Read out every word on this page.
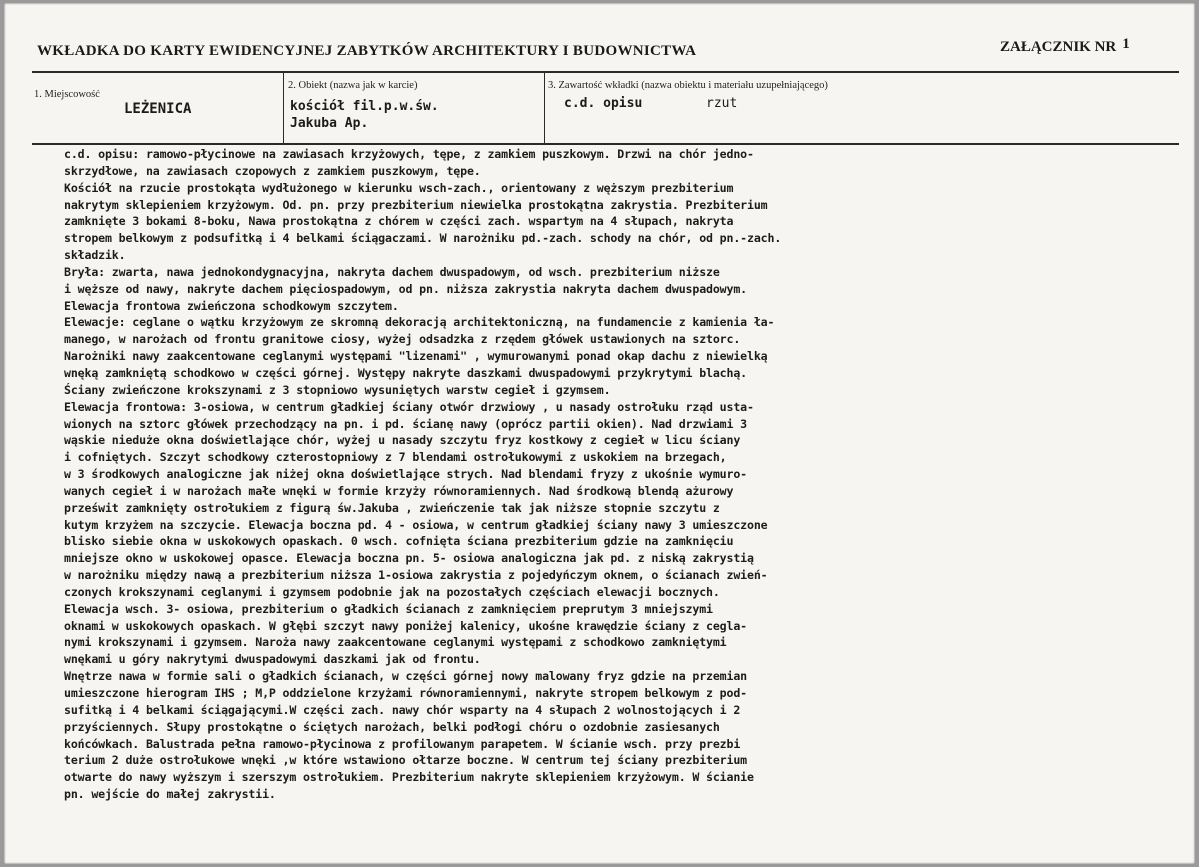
WKŁADKA DO KARTY EWIDENCYJNEJ ZABYTKÓW ARCHITEKTURY I BUDOWNICTWA	ZAŁĄCZNIK NR 1
1. Miejscowość
LEŻENICA
2. Obiekt (nazwa jak w karcie)
kościół fil.p.w.św.
Jakuba Ap.
3. Zawartość wkładki (nazwa obiektu i materiału uzupełniającego)
c.d. opisu	rzut
c.d. opisu: ramowo-płycinowe na zawiasach krzyżowych, tępe, z zamkiem puszkowym. Drzwi na chór jedno-
skrzydłowe, na zawiasach czopowych z zamkiem puszkowym, tępe.
Kościół na rzucie prostokąta wydłużonego w kierunku wsch-zach., orientowany z węższym prezbiterium
nakrytym sklepieniem krzyżowym. Od. pn. przy prezbiterium niewielka prostokątna zakrystia. Prezbiterium
zamknięte 3 bokami 8-boku, Nawa prostokątna z chórem w części zach. wspartym na 4 słupach, nakryta
stropem belkowym z podsufitką i 4 belkami ściągaczami. W narożniku pd.-zach. schody na chór, od pn.-zach.
składzik.
Bryła: zwarta, nawa jednokondygnacyjna, nakryta dachem dwuspadowym, od wsch. prezbiterium niższe
i węższe od nawy, nakryte dachem pięciospadowym, od pn. niższa zakrystia nakryta dachem dwuspadowym.
Elewacja frontowa zwieńczona schodkowym szczytem.
Elewacje: ceglane o wątku krzyżowym ze skromną dekoracją architektoniczną, na fundamencie z kamienia ła-
manego, w narożach od frontu granitowe ciosy, wyżej odsadzka z rzędem główek ustawionych na sztorc.
Narożniki nawy zaakcentowane ceglanymi występami "lizenami" , wymurowanymi ponad okap dachu z niewielką
wnęką zamkniętą schodkowo w części górnej. Występy nakryte daszkami dwuspadowymi przykrytymi blachą.
Ściany zwieńczone krokszynami z 3 stopniowo wysuniętych warstw cegieł i gzymsem.
Elewacja frontowa: 3-osiowa, w centrum gładkiej ściany otwór drzwiowy , u nasady ostrołuku rząd usta-
wionych na sztorc główek przechodzący na pn. i pd. ścianę nawy (oprócz partii okien). Nad drzwiami 3
wąskie nieduże okna doświetlające chór, wyżej u nasady szczytu fryz kostkowy z cegieł w licu ściany
i cofniętych. Szczyt schodkowy czterostopniowy z 7 blendami ostrołukowymi z uskokiem na brzegach,
w 3 środkowych analogiczne jak niżej okna doświetlające strych. Nad blendami fryzy z ukośnie wymuro-
wanych cegieł i w narożach małe wnęki w formie krzyży równoramiennych. Nad środkową blendą ażurowy
prześwit zamknięty ostrołukiem z figurą św.Jakuba , zwieńczenie tak jak niższe stopnie szczytu z
kutym krzyżem na szczycie. Elewacja boczna pd. 4 - osiowa, w centrum gładkiej ściany nawy 3 umieszczone
blisko siebie okna w uskokowych opaskach. 0 wsch. cofnięta ściana prezbiterium gdzie na zamknięciu
mniejsze okno w uskokowej opasce. Elewacja boczna pn. 5- osiowa analogiczna jak pd. z niską zakrystią
w narożniku między nawą a prezbiterium niższa 1-osiowa zakrystia z pojedyńczym oknem, o ścianach zwień-
czonych krokszynami ceglanymi i gzymsem podobnie jak na pozostałych częściach elewacji bocznych.
Elewacja wsch. 3- osiowa, prezbiterium o gładkich ścianach z zamknięciem preprutym 3 mniejszymi
oknami w uskokowych opaskach. W głębi szczyt nawy poniżej kalenicy, ukośne krawędzie ściany z cegla-
nymi krokszynami i gzymsem. Naroża nawy zaakcentowane ceglanymi występami z schodkowo zamkniętymi
wnękami u góry nakrytymi dwuspadowymi daszkami jak od frontu.
Wnętrze nawa w formie sali o gładkich ścianach, w części górnej nowy malowany fryz gdzie na przemian
umieszczone hierogram IHS ; M,P oddzielone krzyżami równoramiennymi, nakryte stropem belkowym z pod-
sufitką i 4 belkami ściągającymi.W części zach. nawy chór wsparty na 4 słupach 2 wolnostojących i 2
przyściennych. Słupy prostokątne o ściętych narożach, belki podłogi chóru o ozdobnie zasiesanych
końcówkach. Balustrada pełna ramowo-płycinowa z profilowanym parapetem. W ścianie wsch. przy prezbi
terium 2 duże ostrołukowe wnęki ,w które wstawiono ołtarze boczne. W centrum tej ściany prezbiterium
otwarte do nawy wyższym i szerszym ostrołukiem. Prezbiterium nakryte sklepieniem krzyżowym. W ścianie
pn. wejście do małej zakrystii.
